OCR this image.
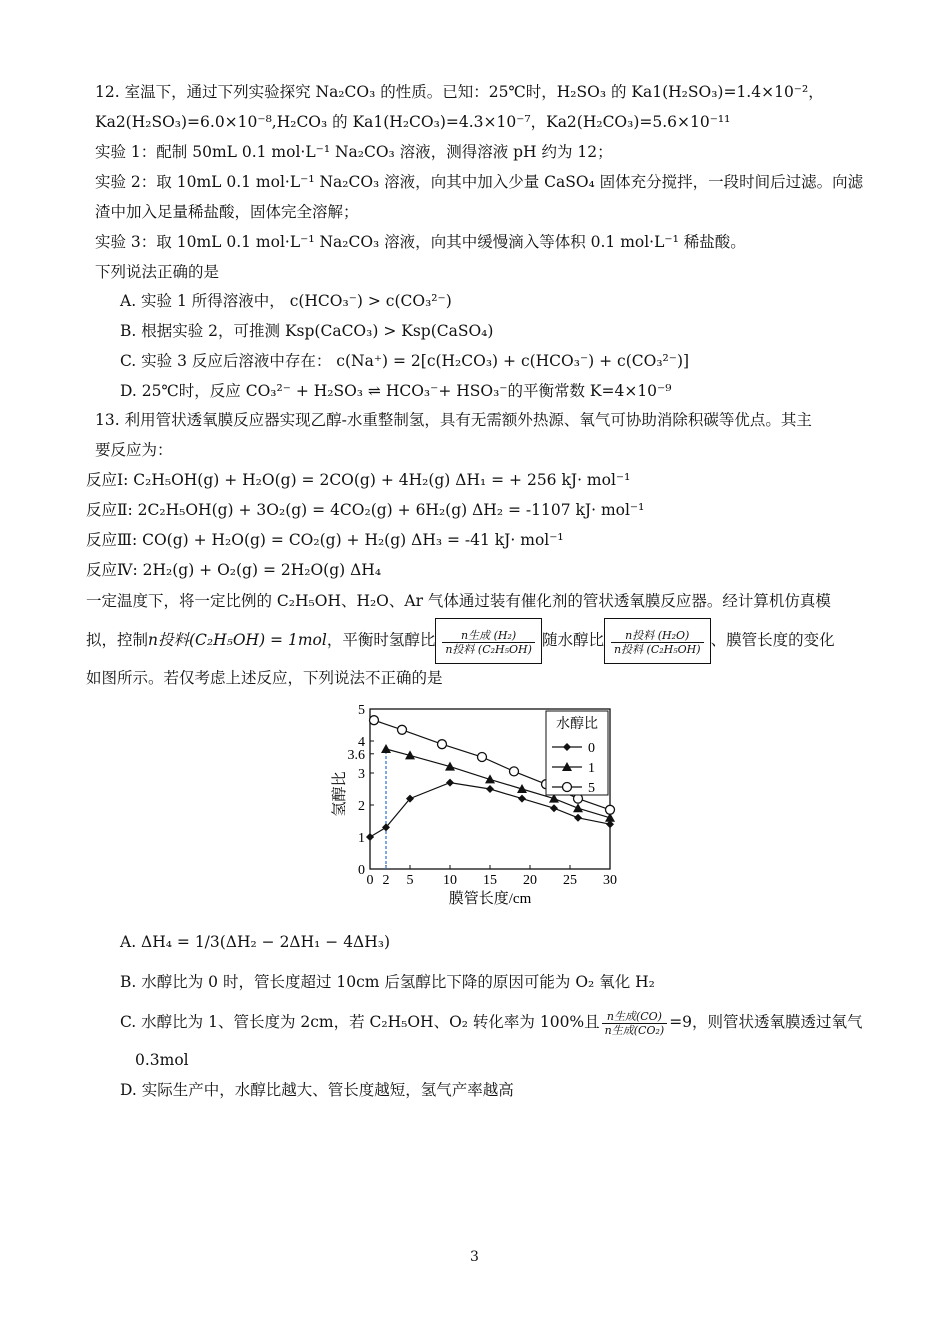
12. 室温下，通过下列实验探究 Na₂CO₃ 的性质。已知：25℃时，H₂SO₃ 的 Ka1(H₂SO₃)=1.4×10⁻²，
Ka2(H₂SO₃)=6.0×10⁻⁸,H₂CO₃ 的 Ka1(H₂CO₃)=4.3×10⁻⁷，Ka2(H₂CO₃)=5.6×10⁻¹¹
实验 1：配制 50mL 0.1 mol·L⁻¹ Na₂CO₃ 溶液，测得溶液 pH 约为 12；
实验 2：取 10mL 0.1 mol·L⁻¹ Na₂CO₃ 溶液，向其中加入少量 CaSO₄ 固体充分搅拌，一段时间后过滤。向滤
渣中加入足量稀盐酸，固体完全溶解；
实验 3：取 10mL 0.1 mol·L⁻¹ Na₂CO₃ 溶液，向其中缓慢滴入等体积 0.1 mol·L⁻¹ 稀盐酸。
下列说法正确的是
A. 实验 1 所得溶液中， c(HCO₃⁻) > c(CO₃²⁻)
B. 根据实验 2，可推测 Ksp(CaCO₃) > Ksp(CaSO₄)
C. 实验 3 反应后溶液中存在： c(Na⁺) = 2[c(H₂CO₃) + c(HCO₃⁻) + c(CO₃²⁻)]
D. 25℃时，反应 CO₃²⁻ + H₂SO₃ ⇌ HCO₃⁻+ HSO₃⁻的平衡常数 K=4×10⁻⁹
13. 利用管状透氧膜反应器实现乙醇-水重整制氢，具有无需额外热源、氧气可协助消除积碳等优点。其主
要反应为：
反应Ⅰ: C₂H₅OH(g) + H₂O(g) = 2CO(g) + 4H₂(g) ΔH₁ = + 256 kJ· mol⁻¹
反应Ⅱ: 2C₂H₅OH(g) + 3O₂(g) = 4CO₂(g) + 6H₂(g) ΔH₂ = -1107 kJ· mol⁻¹
反应Ⅲ: CO(g) + H₂O(g) = CO₂(g) + H₂(g) ΔH₃ = -41 kJ· mol⁻¹
反应Ⅳ: 2H₂(g) + O₂(g) = 2H₂O(g) ΔH₄
一定温度下，将一定比例的 C₂H₅OH、H₂O、Ar 气体通过装有催化剂的管状透氧膜反应器。经计算机仿真模
拟，控制n投料(C₂H₅OH) = 1mol，平衡时氢醇比 $\frac{\text{n生成 (H₂)}}{\text{n投料 (C₂H₅OH)}}$ 随水醇比 $\frac{\text{n投料 (H₂O)}}{\text{n投料 (C₂H₅OH)}}$ 、膜管长度的变化
如图所示。若仅考虑上述反应，下列说法不正确的是
0
1
2
3
3.6
4
5
0 2 5 10 15 20 25 30
膜管长度/cm
氢醇比
水醇比
0
1
5
A. ΔH₄ = 1/3(ΔH₂ − 2ΔH₁ − 4ΔH₃)
B. 水醇比为 0 时，管长度超过 10cm 后氢醇比下降的原因可能为 O₂ 氧化 H₂
C. 水醇比为 1、管长度为 2cm，若 C₂H₅OH、O₂ 转化率为 100%且 $\frac{\text{n生成(CO)}}{\text{n生成(CO₂)}} =9$，则管状透氧膜透过氧气
0.3mol
D. 实际生产中，水醇比越大、管长度越短，氢气产率越高
3
